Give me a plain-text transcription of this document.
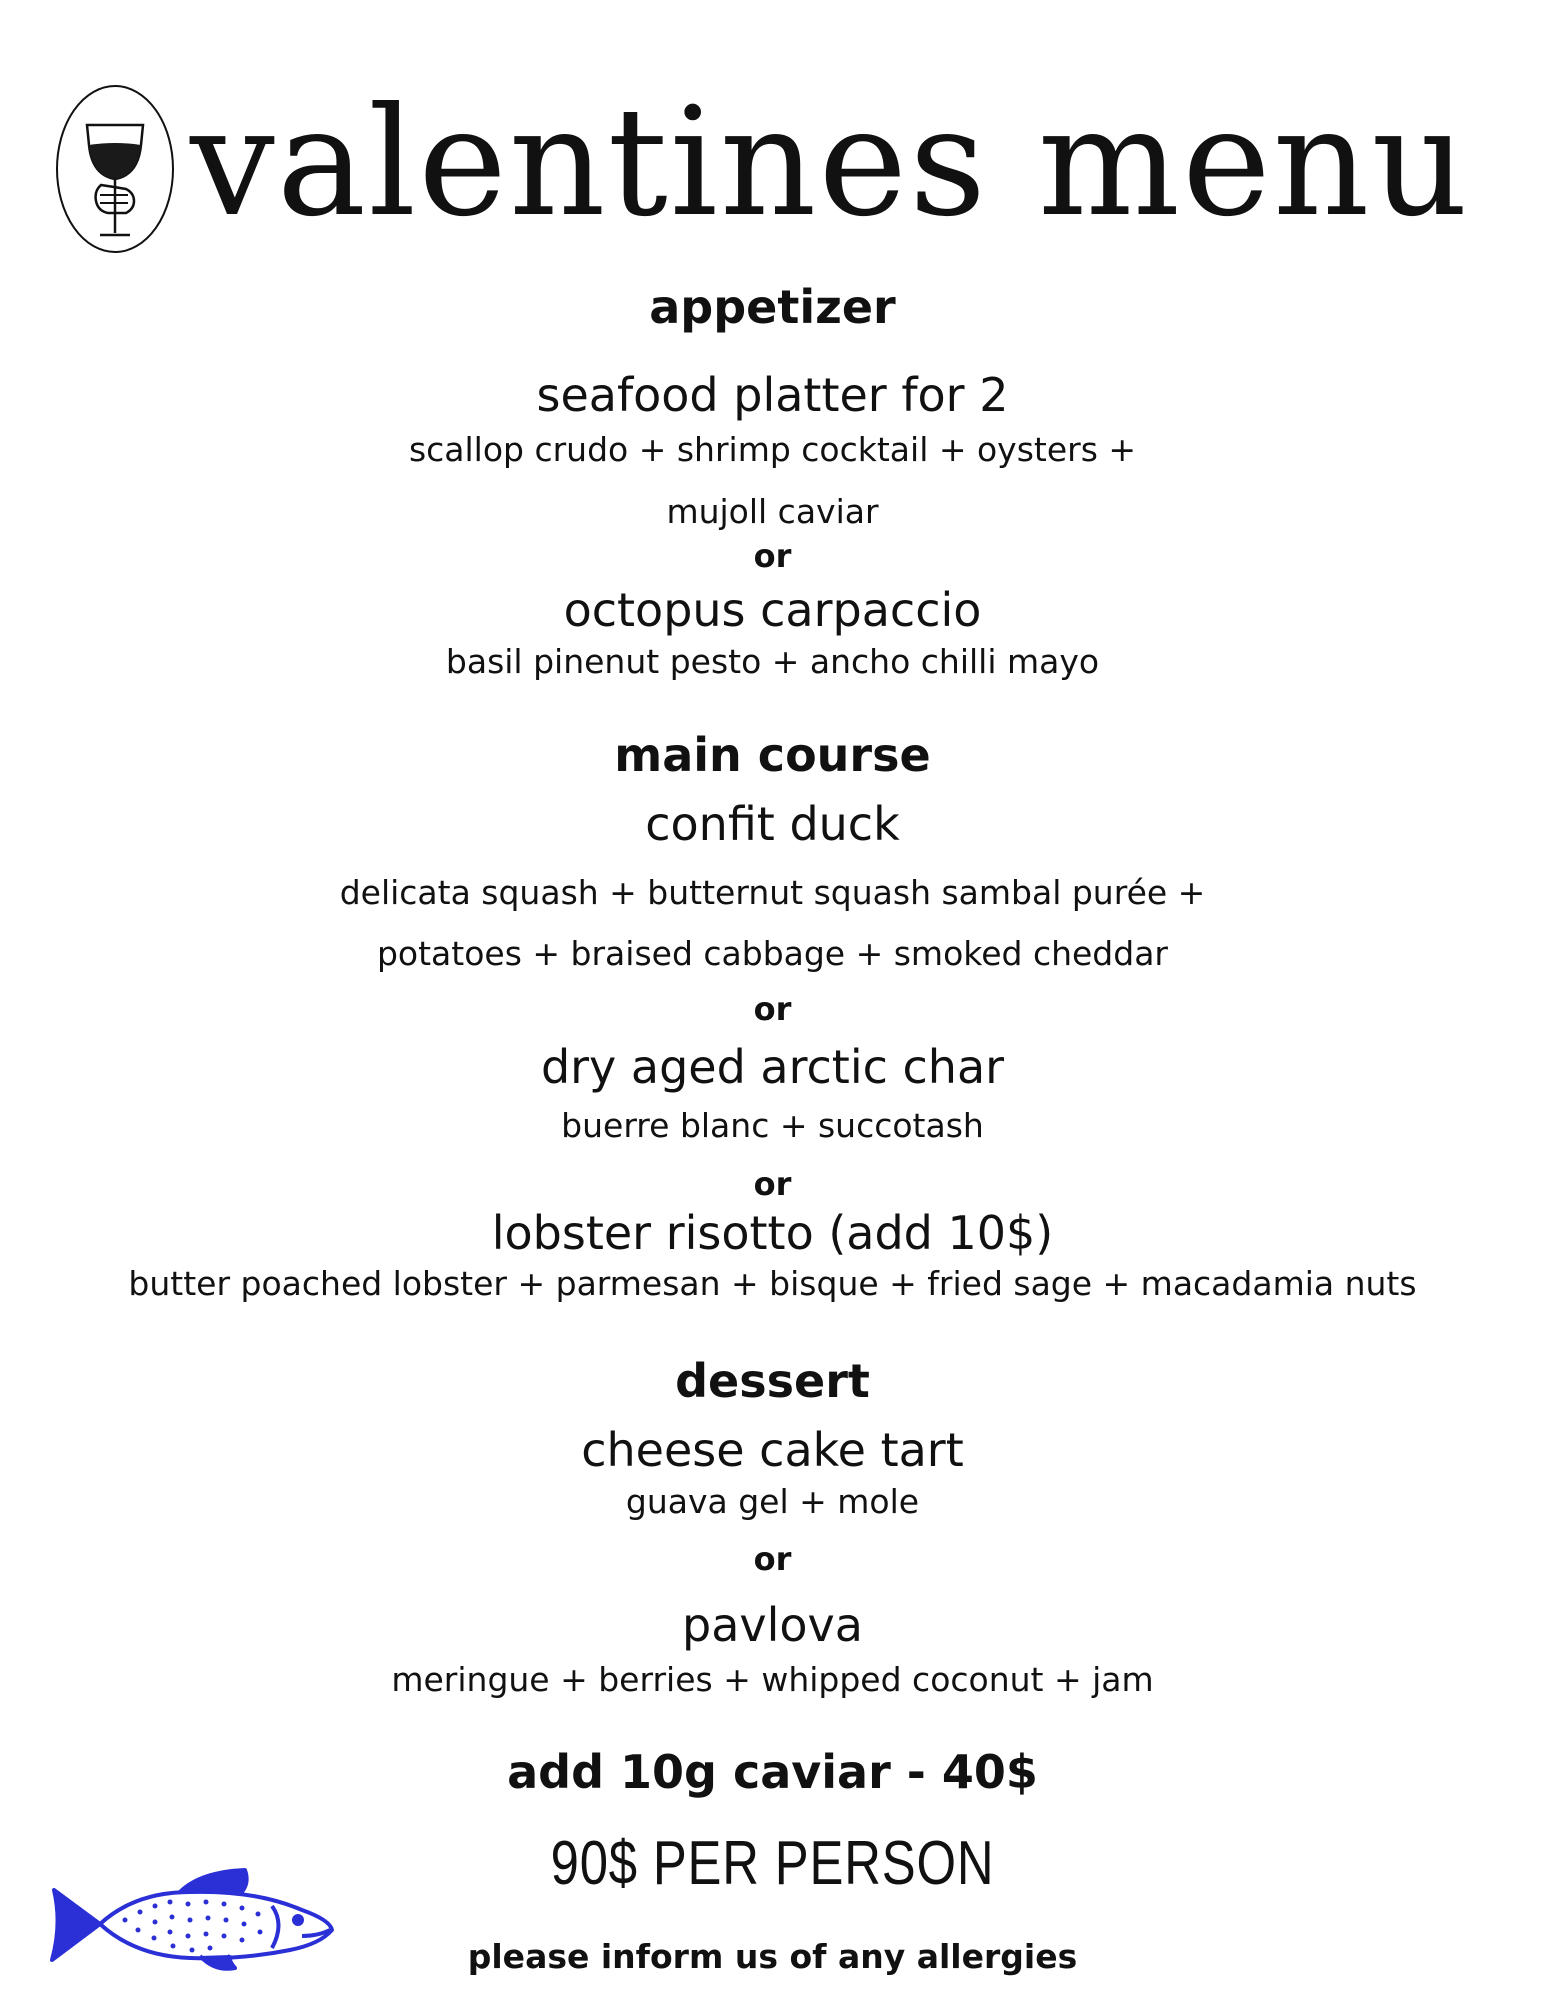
valentines menu
appetizer
seafood platter for 2
scallop crudo + shrimp cocktail + oysters +
mujoll caviar
or
octopus carpaccio
basil pinenut pesto + ancho chilli mayo
main course
confit duck
delicata squash + butternut squash sambal purée +
potatoes + braised cabbage + smoked cheddar
or
dry aged arctic char
buerre blanc + succotash
or
lobster risotto (add 10$)
butter poached lobster + parmesan + bisque + fried sage + macadamia nuts
dessert
cheese cake tart
guava gel + mole
or
pavlova
meringue + berries + whipped coconut + jam
add 10g caviar - 40$
90$ PER PERSON
please inform us of any allergies
